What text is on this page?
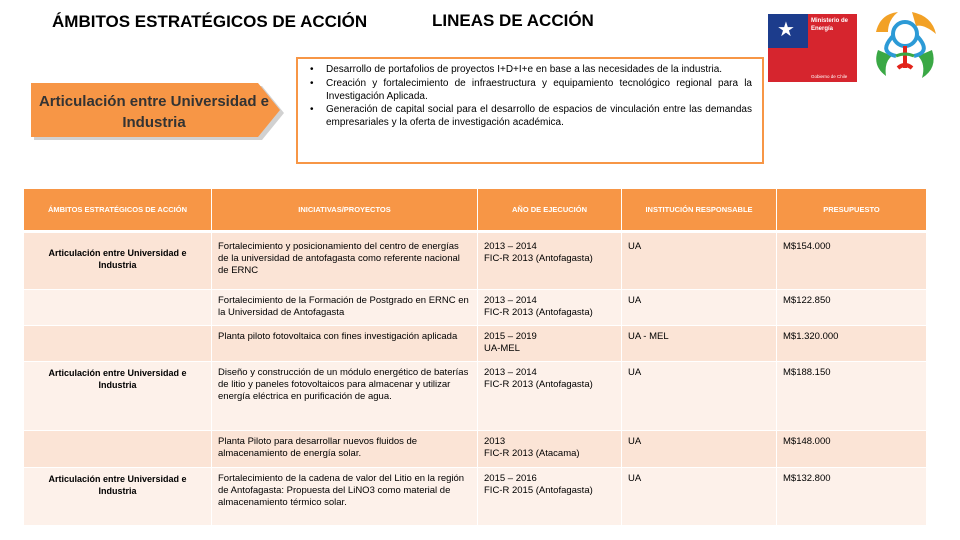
ÁMBITOS ESTRATÉGICOS DE ACCIÓN	LINEAS DE ACCIÓN	★	Ministerio de
Energía
Gobierno de Chile
Articulación entre Universidad e Industria
• Desarrollo de portafolios de proyectos I+D+I+e en base a las necesidades de la industria.
• Creación y fortalecimiento de infraestructura y equipamiento tecnológico regional para la Investigación Aplicada.
• Generación de capital social para el desarrollo de espacios de vinculación entre las demandas empresariales y la oferta de investigación académica.
ÁMBITOS ESTRATÉGICOS DE ACCIÓN	INICIATIVAS/PROYECTOS	AÑO DE EJECUCIÓN	INSTITUCIÓN RESPONSABLE	PRESUPUESTO
Articulación entre Universidad e Industria	Fortalecimiento y posicionamiento del centro de energías de la universidad de antofagasta como referente nacional de ERNC	2013 – 2014
FIC-R 2013 (Antofagasta)	UA	M$154.000
	Fortalecimiento de la Formación de Postgrado en ERNC en la Universidad de Antofagasta	2013 – 2014
FIC-R 2013 (Antofagasta)	UA	M$122.850
	Planta piloto fotovoltaica con fines investigación aplicada	2015 – 2019
UA-MEL	UA - MEL	M$1.320.000
Articulación entre Universidad e Industria	Diseño y construcción de un módulo energético de baterías de litio y paneles fotovoltaicos para almacenar y utilizar energía eléctrica en purificación de agua.	2013 – 2014
FIC-R 2013 (Antofagasta)	UA	M$188.150
	Planta Piloto para desarrollar nuevos fluidos de almacenamiento de energía solar.	2013
FIC-R 2013 (Atacama)	UA	M$148.000
Articulación entre Universidad e Industria	Fortalecimiento de la cadena de valor del Litio en la región de Antofagasta: Propuesta del LiNO3 como material de almacenamiento térmico solar.	2015 – 2016
FIC-R 2015 (Antofagasta)	UA	M$132.800
